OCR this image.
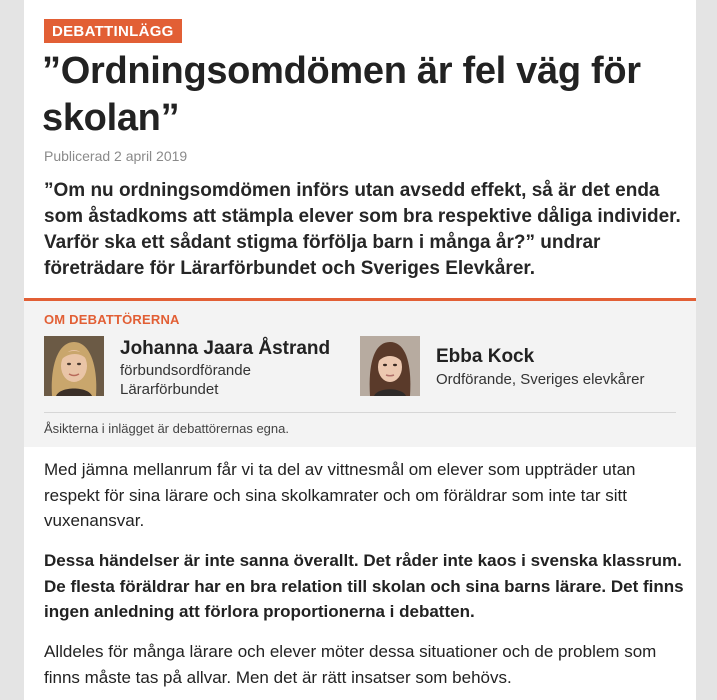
DEBATTINLÄGG
”Ordningsomdömen är fel väg för skolan”
Publicerad 2 april 2019

”Om nu ordningsomdömen införs utan avsedd effekt, så är det enda som åstadkoms att stämpla elever som bra respektive dåliga individer. Varför ska ett sådant stigma förfölja barn i många år?” undrar företrädare för Lärarförbundet och Sveriges Elevkårer.

OM DEBATTÖRERNA
Johanna Jaara Åstrand
förbundsordförande Lärarförbundet
Ebba Kock
Ordförande, Sveriges elevkårer
Åsikterna i inlägget är debattörernas egna.

Med jämna mellanrum får vi ta del av vittnesmål om elever som uppträder utan respekt för sina lärare och sina skolkamrater och om föräldrar som inte tar sitt vuxenansvar.

Dessa händelser är inte sanna överallt. Det råder inte kaos i svenska klassrum. De flesta föräldrar har en bra relation till skolan och sina barns lärare. Det finns ingen anledning att förlora proportionerna i debatten.

Alldeles för många lärare och elever möter dessa situationer och de problem som finns måste tas på allvar. Men det är rätt insatser som behövs.
